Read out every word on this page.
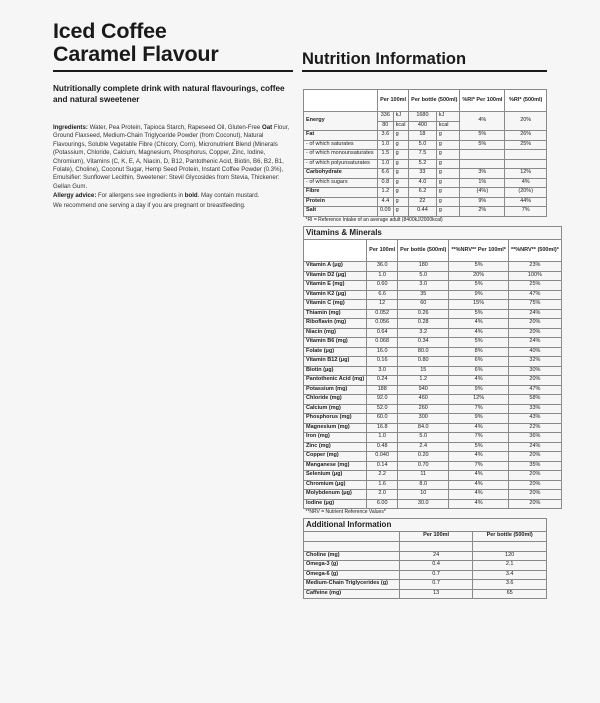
Iced Coffee
Caramel Flavour	Nutrition Information
Nutritionally complete drink with natural flavourings, coffee and natural sweetener

Ingredients: Water, Pea Protein, Tapioca Starch, Rapeseed Oil, Gluten-Free Oat Flour, Ground Flaxseed, Medium-Chain Triglyceride Powder (from Coconut), Natural Flavourings, Soluble Vegetable Fibre (Chicory, Corn), Micronutrient Blend (Minerals (Potassium, Chloride, Calcium, Magnesium, Phosphorus, Copper, Zinc, Iodine, Chromium), Vitamins (C, K, E, A, Niacin, D, B12, Pantothenic Acid, Biotin, B6, B2, B1, Folate), Choline), Coconut Sugar, Hemp Seed Protein, Instant Coffee Powder (0.3%), Emulsifier: Sunflower Lecithin, Sweetener: Stevil Glycosides from Stevia, Thickener: Gellan Gum.

Allergy advice: For allergens see ingredients in bold. May contain mustard.

We recommend one serving a day if you are pregnant or breastfeeding.

	Per 100ml		Per bottle (500ml)		%RI* Per 100ml	%RI* (500ml)
Energy	336	kJ	1680	kJ	4%	20%
	80	kcal	400	kcal		
Fat	3.6	g	18	g	5%	26%
- of which saturates	1.0	g	5.0	g	5%	25%
- of which monounsaturates	1.5	g	7.5	g		
- of which polyunsaturates	1.0	g	5.2	g		
Carbohydrate	6.6	g	33	g	3%	12%
- of which sugars	0.8	g	4.0	g	1%	4%
Fibre	1.2	g	6.2	g	(4%)	(20%)
Protein	4.4	g	22	g	9%	44%
Salt	0.09	g	0.44	g	2%	7%
*RI = Reference Intake of an average adult (8400kJ/2000kcal)						
Vitamins & Minerals				
	Per 100ml	Per bottle (500ml)	**%NRV** Per 100ml*	**%NRV** (500ml)*
Vitamin A (μg)	36.0	180	5%	23%
Vitamin D2 (μg)	1.0	5.0	20%	100%
Vitamin E (mg)	0.60	3.0	5%	25%
Vitamin K2 (μg)	6.6	35	9%	47%
Vitamin C (mg)	12	60	15%	75%
Thiamin (mg)	0.052	0.26	5%	24%
Riboflavin (mg)	0.056	0.28	4%	20%
Niacin (mg)	0.64	3.2	4%	20%
Vitamin B6 (mg)	0.068	0.34	5%	24%
Folate (μg)	16.0	80.0	8%	40%
Vitamin B12 (μg)	0.16	0.80	6%	32%
Biotin (μg)	3.0	15	6%	30%
Pantothenic Acid (mg)	0.24	1.2	4%	20%
Potassium (mg)	188	940	9%	47%
Chloride (mg)	92.0	460	12%	58%
Calcium (mg)	52.0	260	7%	33%
Phosphorus (mg)	60.0	300	9%	43%
Magnesium (mg)	16.8	84.0	4%	22%
Iron (mg)	1.0	5.0	7%	36%
Zinc (mg)	0.48	2.4	5%	24%
Copper (mg)	0.040	0.20	4%	20%
Manganese (mg)	0.14	0.70	7%	35%
Selenium (μg)	2.2	11	4%	20%
Chromium (μg)	1.6	8.0	4%	20%
Molybdenum (μg)	2.0	10	4%	20%
Iodine (μg)	6.00	30.0	4%	20%
**NRV = Nutrient Reference Values*				
Additional Information		
	Per 100ml	Per bottle (500ml)

Choline (mg)	24	120
Omega-3 (g)	0.4	2.1
Omega-6 (g)	0.7	3.4
Medium-Chain Triglycerides (g)	0.7	3.6
Caffeine (mg)	13	65
